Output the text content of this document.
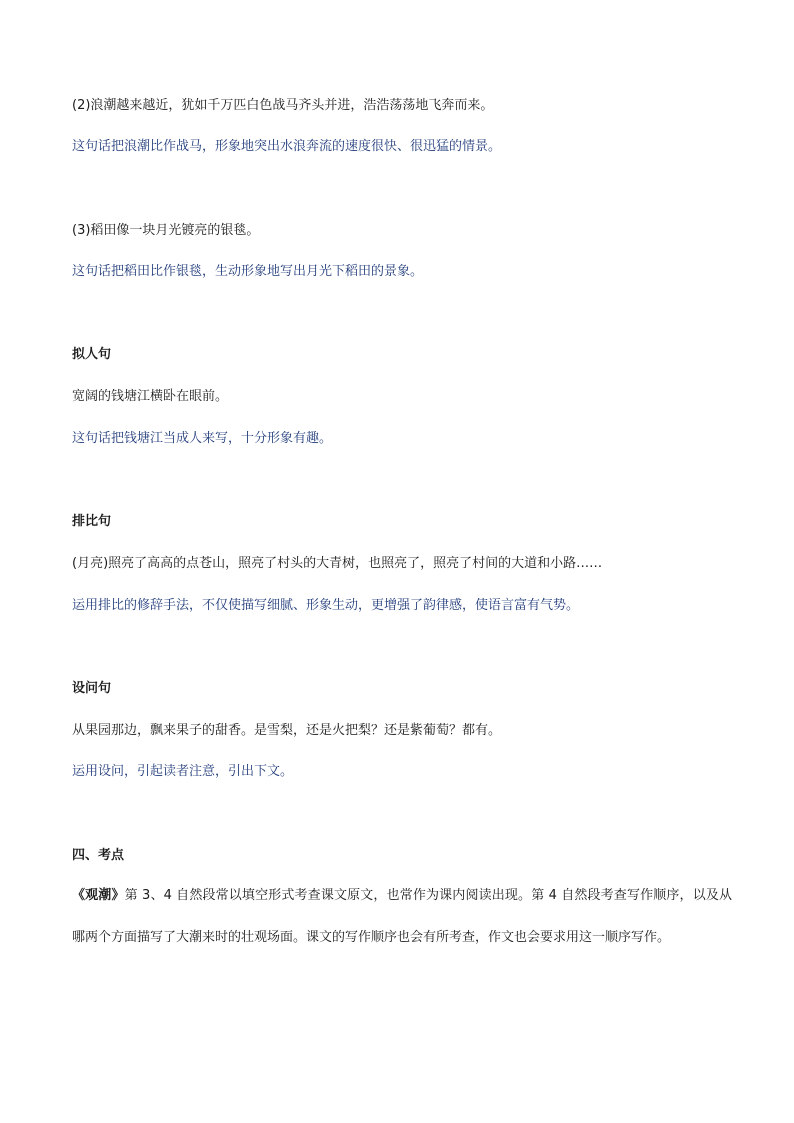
(2)浪潮越来越近，犹如千万匹白色战马齐头并进，浩浩荡荡地飞奔而来。
这句话把浪潮比作战马，形象地突出水浪奔流的速度很快、很迅猛的情景。
(3)稻田像一块月光镀亮的银毯。
这句话把稻田比作银毯，生动形象地写出月光下稻田的景象。
拟人句
宽阔的钱塘江横卧在眼前。
这句话把钱塘江当成人来写，十分形象有趣。
排比句
(月亮)照亮了高高的点苍山，照亮了村头的大青树，也照亮了，照亮了村间的大道和小路……
运用排比的修辞手法，不仅使描写细腻、形象生动，更增强了韵律感，使语言富有气势。
设问句
从果园那边，飘来果子的甜香。是雪梨，还是火把梨？还是紫葡萄？都有。
运用设问，引起读者注意，引出下文。
四、考点
《观潮》第 3、4 自然段常以填空形式考查课文原文，也常作为课内阅读出现。第 4 自然段考查写作顺序，以及从哪两个方面描写了大潮来时的壮观场面。课文的写作顺序也会有所考查，作文也会要求用这一顺序写作。
